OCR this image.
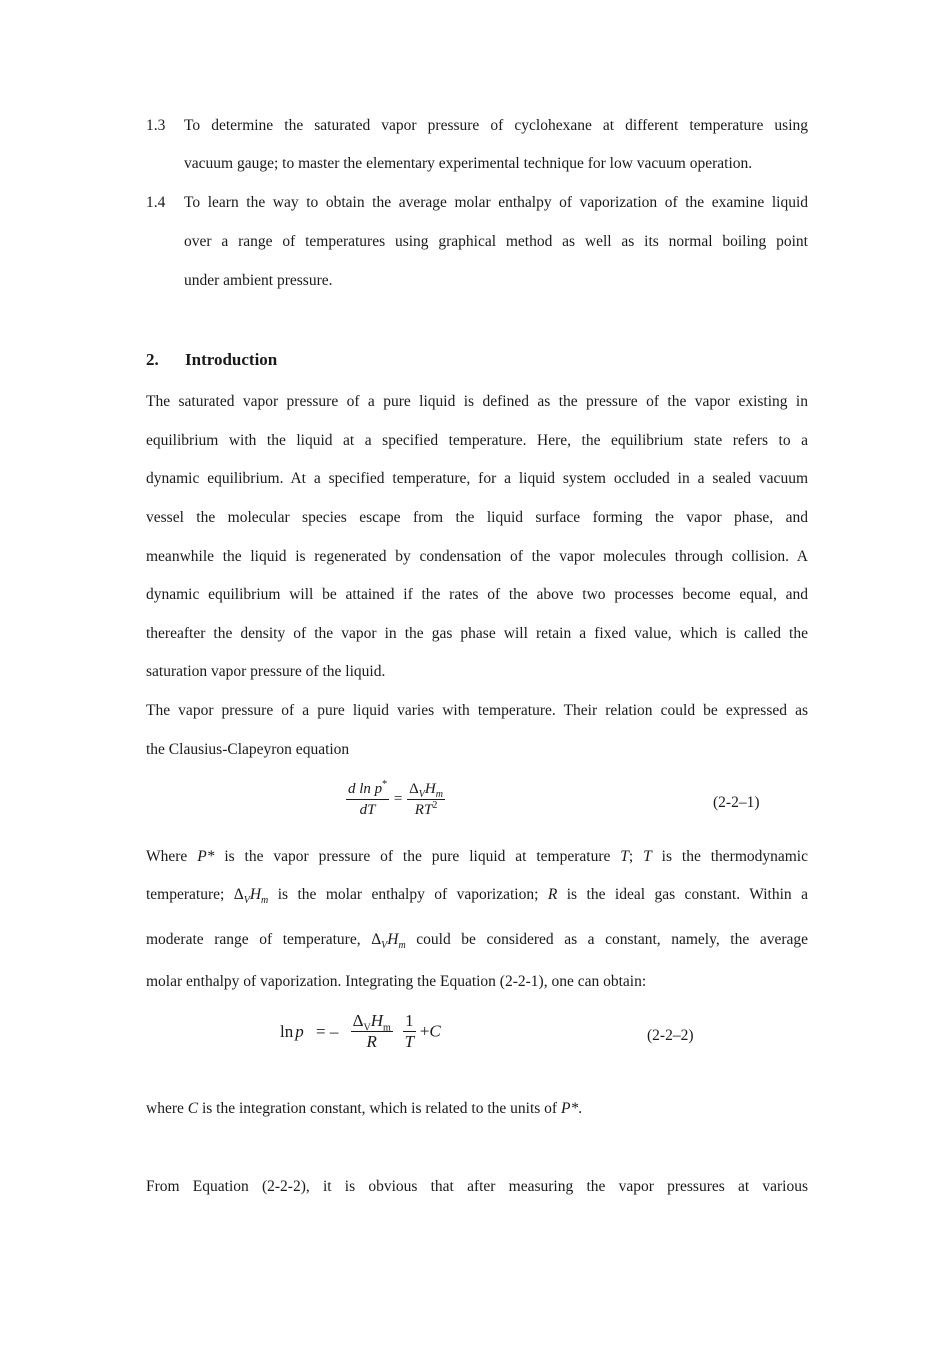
1.3 To determine the saturated vapor pressure of cyclohexane at different temperature using
vacuum gauge; to master the elementary experimental technique for low vacuum operation.
1.4 To learn the way to obtain the average molar enthalpy of vaporization of the examine liquid
over a range of temperatures using graphical method as well as its normal boiling point
under ambient pressure.
2. Introduction
The saturated vapor pressure of a pure liquid is defined as the pressure of the vapor existing in
equilibrium with the liquid at a specified temperature. Here, the equilibrium state refers to a
dynamic equilibrium. At a specified temperature, for a liquid system occluded in a sealed vacuum
vessel the molecular species escape from the liquid surface forming the vapor phase, and
meanwhile the liquid is regenerated by condensation of the vapor molecules through collision. A
dynamic equilibrium will be attained if the rates of the above two processes become equal, and
thereafter the density of the vapor in the gas phase will retain a fixed value, which is called the
saturation vapor pressure of the liquid.
The vapor pressure of a pure liquid varies with temperature. Their relation could be expressed as
the Clausius-Clapeyron equation
$\frac{d \ln p^*}{dT} = \frac{\Delta_VH_m}{RT^2}$	(2-2–1)
Where P* is the vapor pressure of the pure liquid at temperature T; T is the thermodynamic
temperature; $\Delta_VH_m$ is the molar enthalpy of vaporization; R is the ideal gas constant. Within a
moderate range of temperature, $\Delta_VH_m$ could be considered as a constant, namely, the average
molar enthalpy of vaporization. Integrating the Equation (2-2-1), one can obtain:
ln p = – $\frac{\Delta_VH_m}{R}$
$\frac{1}{T} +C$	(2-2–2)
where C is the integration constant, which is related to the units of P*.
From Equation (2-2-2), it is obvious that after measuring the vapor pressures at various
